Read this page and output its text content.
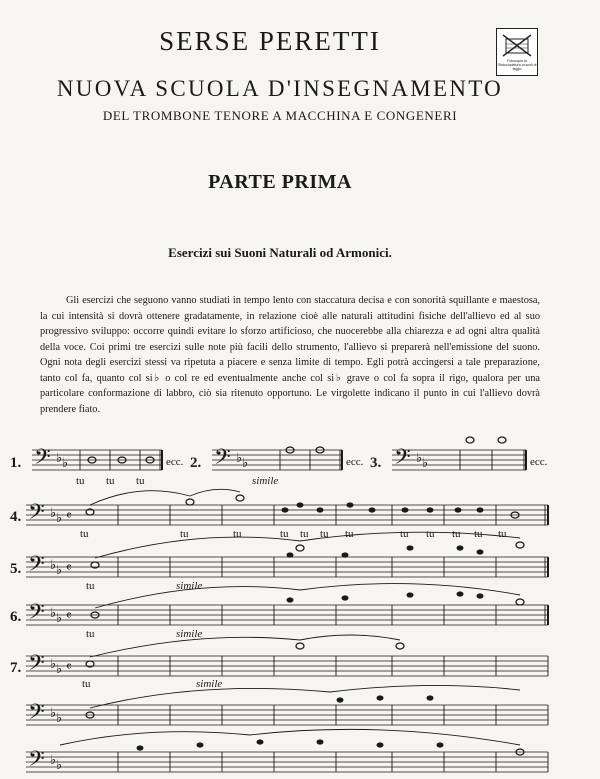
SERSE PERETTI
NUOVA SCUOLA D'INSEGNAMENTO
DEL TROMBONE TENORE A MACCHINA E CONGENERI
Fotocopia la Sfotocopiatura ai scoli di leggo
PARTE PRIMA
Esercizi sui Suoni Naturali od Armonici.
Gli esercizi che seguono vanno studiati in tempo lento con staccatura decisa e con sonorità squillante e maestosa, la cui intensità si dovrà ottenere gradatamente, in relazione cioè alle naturali attitudini fisiche dell'allievo ed al suo progressivo sviluppo: occorre quindi evitare lo sforzo artificioso, che nuocerebbe alla chiarezza e ad ogni altra qualità della voce. Coi primi tre esercizi sulle note più facili dello strumento, l'allievo si preparerà nell'emissione del suono. Ogni nota degli esercizi stessi va ripetuta a piacere e senza limite di tempo. Egli potrà accingersi a tale preparazione, tanto col fa, quanto col si♭ o col re ed eventualmente anche col si♭ grave o col fa sopra il rigo, qualora per una particolare conformazione di labbro, ciò sia ritenuto opportuno. Le virgolette indicano il punto in cui l'allievo dovrà prendere fiato.
𝄢 ♭ ♭	𝄢 ♭ ♭	𝄢 ♭ ♭
𝄢 ♭ ♭ 𝄴
𝄢 ♭ ♭ 𝄴
𝄢 ♭ ♭ 𝄴
𝄢 ♭ ♭ 𝄴
𝄢 ♭ ♭
𝄢 ♭ ♭
1.	2.	3.
4.
5.
6.
7.
ecc.	ecc.	ecc.
tu tu tu	simile
tu	tu	tu	tu tu tu tu	tu tu tu tu tu
tu	simile
tu	simile
tu	simile
